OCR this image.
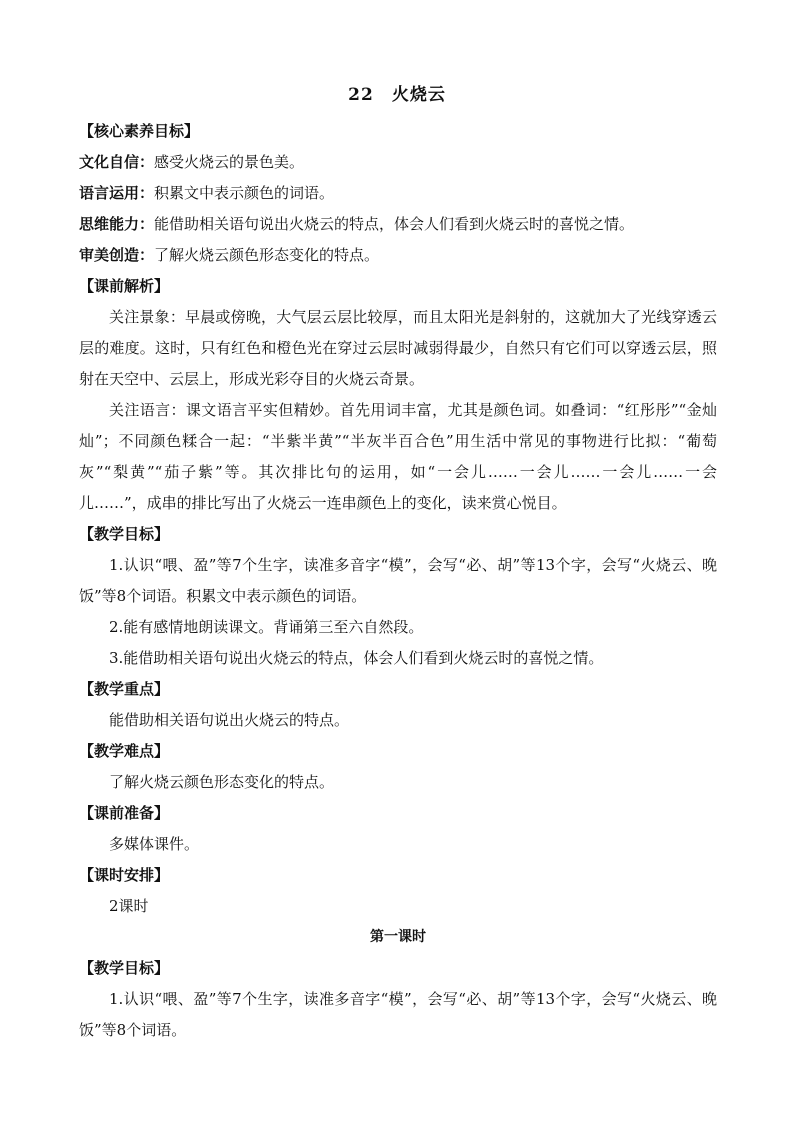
22　火烧云

【核心素养目标】

文化自信：感受火烧云的景色美。

语言运用：积累文中表示颜色的词语。

思维能力：能借助相关语句说出火烧云的特点，体会人们看到火烧云时的喜悦之情。

审美创造：了解火烧云颜色形态变化的特点。

【课前解析】

关注景象：早晨或傍晚，大气层云层比较厚，而且太阳光是斜射的，这就加大了光线穿透云层的难度。这时，只有红色和橙色光在穿过云层时减弱得最少，自然只有它们可以穿透云层，照射在天空中、云层上，形成光彩夺目的火烧云奇景。

关注语言：课文语言平实但精妙。首先用词丰富，尤其是颜色词。如叠词：“红彤彤”“金灿灿”；不同颜色糅合一起：“半紫半黄”“半灰半百合色”用生活中常见的事物进行比拟：“葡萄灰”“梨黄”“茄子紫”等。其次排比句的运用，如“一会儿……一会儿……一会儿……一会儿……”，成串的排比写出了火烧云一连串颜色上的变化，读来赏心悦目。

【教学目标】

1.认识“喂、盈”等7个生字，读准多音字“模”，会写“必、胡”等13个字，会写“火烧云、晚饭”等8个词语。积累文中表示颜色的词语。

2.能有感情地朗读课文。背诵第三至六自然段。

3.能借助相关语句说出火烧云的特点，体会人们看到火烧云时的喜悦之情。

【教学重点】

能借助相关语句说出火烧云的特点。

【教学难点】

了解火烧云颜色形态变化的特点。

【课前准备】

多媒体课件。

【课时安排】

2课时

第一课时

【教学目标】

1.认识“喂、盈”等7个生字，读准多音字“模”，会写“必、胡”等13个字，会写“火烧云、晚饭”等8个词语。
